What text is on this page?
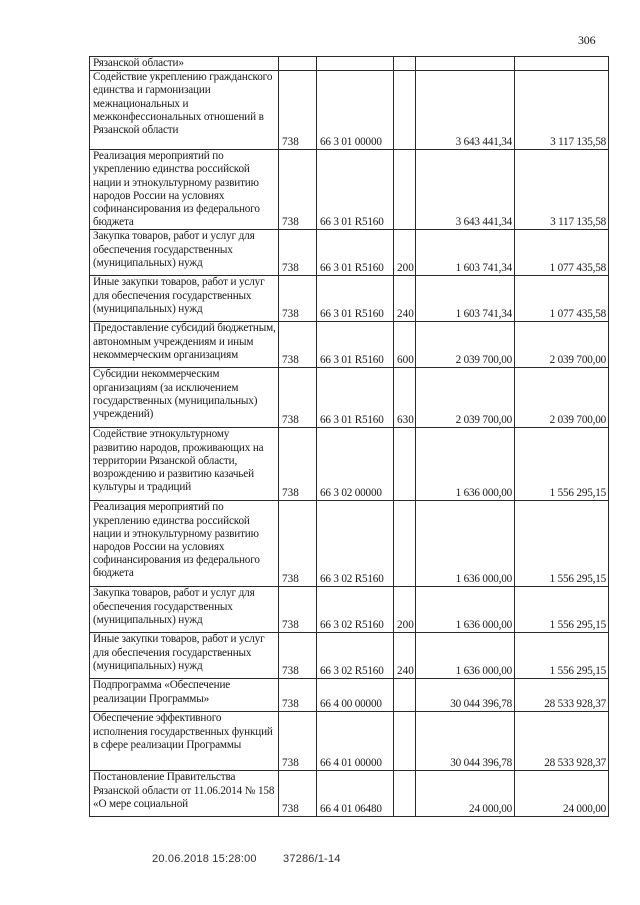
306
Рязанской области»					
Содействие укреплению гражданского единства и гармонизации межнациональных и межконфессиональных отношений в Рязанской области	738	66 3 01 00000		3 643 441,34	3 117 135,58
Реализация мероприятий по укреплению единства российской нации и этнокультурному развитию народов России на условиях софинансирования из федерального бюджета	738	66 3 01 R5160		3 643 441,34	3 117 135,58
Закупка товаров, работ и услуг для обеспечения государственных (муниципальных) нужд	738	66 3 01 R5160	200	1 603 741,34	1 077 435,58
Иные закупки товаров, работ и услуг для обеспечения государственных (муниципальных) нужд	738	66 3 01 R5160	240	1 603 741,34	1 077 435,58
Предоставление субсидий бюджетным, автономным учреждениям и иным некоммерческим организациям	738	66 3 01 R5160	600	2 039 700,00	2 039 700,00
Субсидии некоммерческим организациям (за исключением государственных (муниципальных) учреждений)	738	66 3 01 R5160	630	2 039 700,00	2 039 700,00
Содействие этнокультурному развитию народов, проживающих на территории Рязанской области, возрождению и развитию казачьей культуры и традиций	738	66 3 02 00000		1 636 000,00	1 556 295,15
Реализация мероприятий по укреплению единства российской нации и этнокультурному развитию народов России на условиях софинансирования из федерального бюджета	738	66 3 02 R5160		1 636 000,00	1 556 295,15
Закупка товаров, работ и услуг для обеспечения государственных (муниципальных) нужд	738	66 3 02 R5160	200	1 636 000,00	1 556 295,15
Иные закупки товаров, работ и услуг для обеспечения государственных (муниципальных) нужд	738	66 3 02 R5160	240	1 636 000,00	1 556 295,15
Подпрограмма «Обеспечение реализации Программы»	738	66 4 00 00000		30 044 396,78	28 533 928,37
Обеспечение эффективного исполнения государственных функций в сфере реализации Программы	738	66 4 01 00000		30 044 396,78	28 533 928,37
Постановление Правительства Рязанской области от 11.06.2014 № 158 «О мере социальной	738	66 4 01 06480		24 000,00	24 000,00
20.06.2018 15:28:00 37286/1-14
